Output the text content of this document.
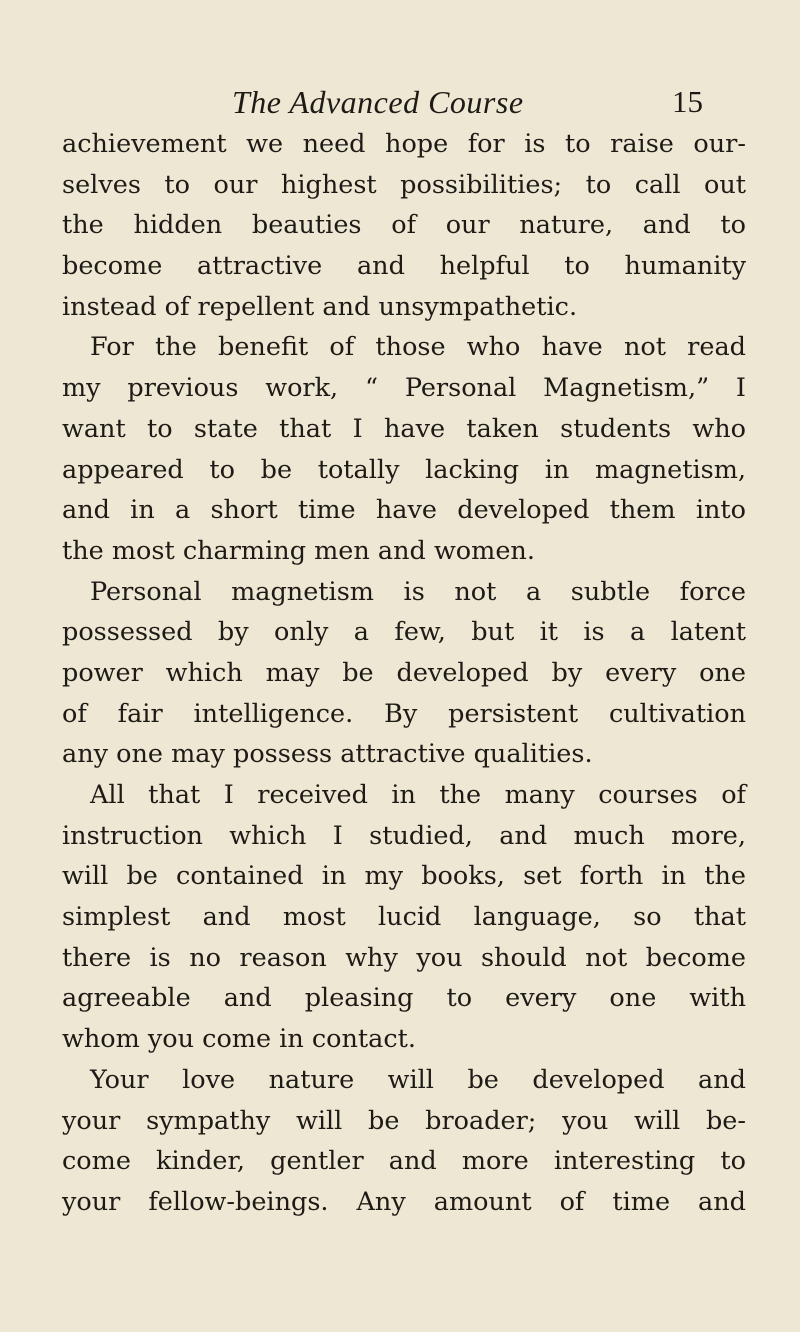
The Advanced Course	15
achievement we need hope for is to raise our-
selves to our highest possibilities; to call out
the hidden beauties of our nature, and to
become attractive and helpful to humanity
instead of repellent and unsympathetic.
For the benefit of those who have not read
my previous work, “ Personal Magnetism,” I
want to state that I have taken students who
appeared to be totally lacking in magnetism,
and in a short time have developed them into
the most charming men and women.
Personal magnetism is not a subtle force
possessed by only a few, but it is a latent
power which may be developed by every one
of fair intelligence. By persistent cultivation
any one may possess attractive qualities.
All that I received in the many courses of
instruction which I studied, and much more,
will be contained in my books, set forth in the
simplest and most lucid language, so that
there is no reason why you should not become
agreeable and pleasing to every one with
whom you come in contact.
Your love nature will be developed and
your sympathy will be broader; you will be-
come kinder, gentler and more interesting to
your fellow-beings. Any amount of time and
